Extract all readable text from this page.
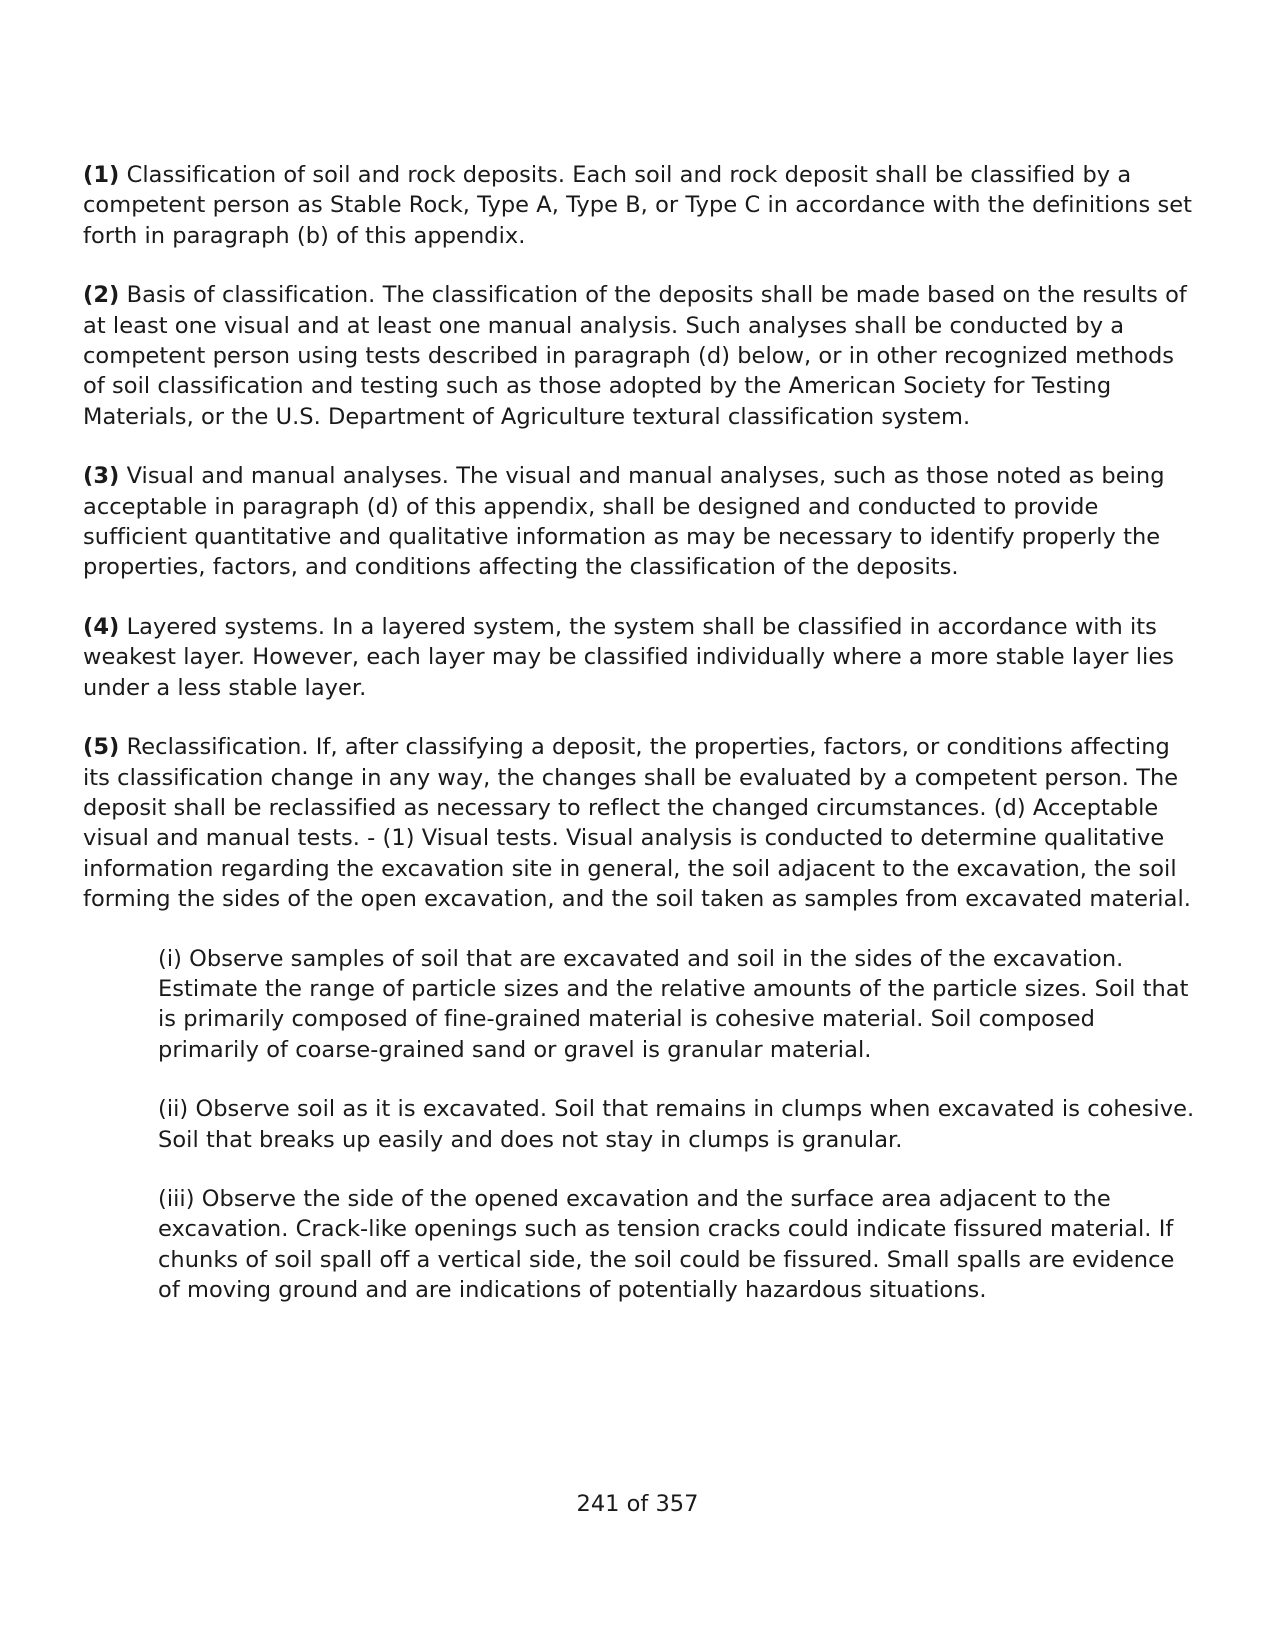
(1) Classification of soil and rock deposits. Each soil and rock deposit shall be classified by a competent person as Stable Rock, Type A, Type B, or Type C in accordance with the definitions set forth in paragraph (b) of this appendix.

(2) Basis of classification. The classification of the deposits shall be made based on the results of at least one visual and at least one manual analysis. Such analyses shall be conducted by a competent person using tests described in paragraph (d) below, or in other recognized methods of soil classification and testing such as those adopted by the American Society for Testing Materials, or the U.S. Department of Agriculture textural classification system.

(3) Visual and manual analyses. The visual and manual analyses, such as those noted as being acceptable in paragraph (d) of this appendix, shall be designed and conducted to provide sufficient quantitative and qualitative information as may be necessary to identify properly the properties, factors, and conditions affecting the classification of the deposits.

(4) Layered systems. In a layered system, the system shall be classified in accordance with its weakest layer. However, each layer may be classified individually where a more stable layer lies under a less stable layer.

(5) Reclassification. If, after classifying a deposit, the properties, factors, or conditions affecting its classification change in any way, the changes shall be evaluated by a competent person. The deposit shall be reclassified as necessary to reflect the changed circumstances. (d) Acceptable visual and manual tests. - (1) Visual tests. Visual analysis is conducted to determine qualitative information regarding the excavation site in general, the soil adjacent to the excavation, the soil forming the sides of the open excavation, and the soil taken as samples from excavated material.

(i) Observe samples of soil that are excavated and soil in the sides of the excavation. Estimate the range of particle sizes and the relative amounts of the particle sizes. Soil that is primarily composed of fine-grained material is cohesive material. Soil composed primarily of coarse-grained sand or gravel is granular material.

(ii) Observe soil as it is excavated. Soil that remains in clumps when excavated is cohesive. Soil that breaks up easily and does not stay in clumps is granular.

(iii) Observe the side of the opened excavation and the surface area adjacent to the excavation. Crack-like openings such as tension cracks could indicate fissured material. If chunks of soil spall off a vertical side, the soil could be fissured. Small spalls are evidence of moving ground and are indications of potentially hazardous situations.

241 of 357
